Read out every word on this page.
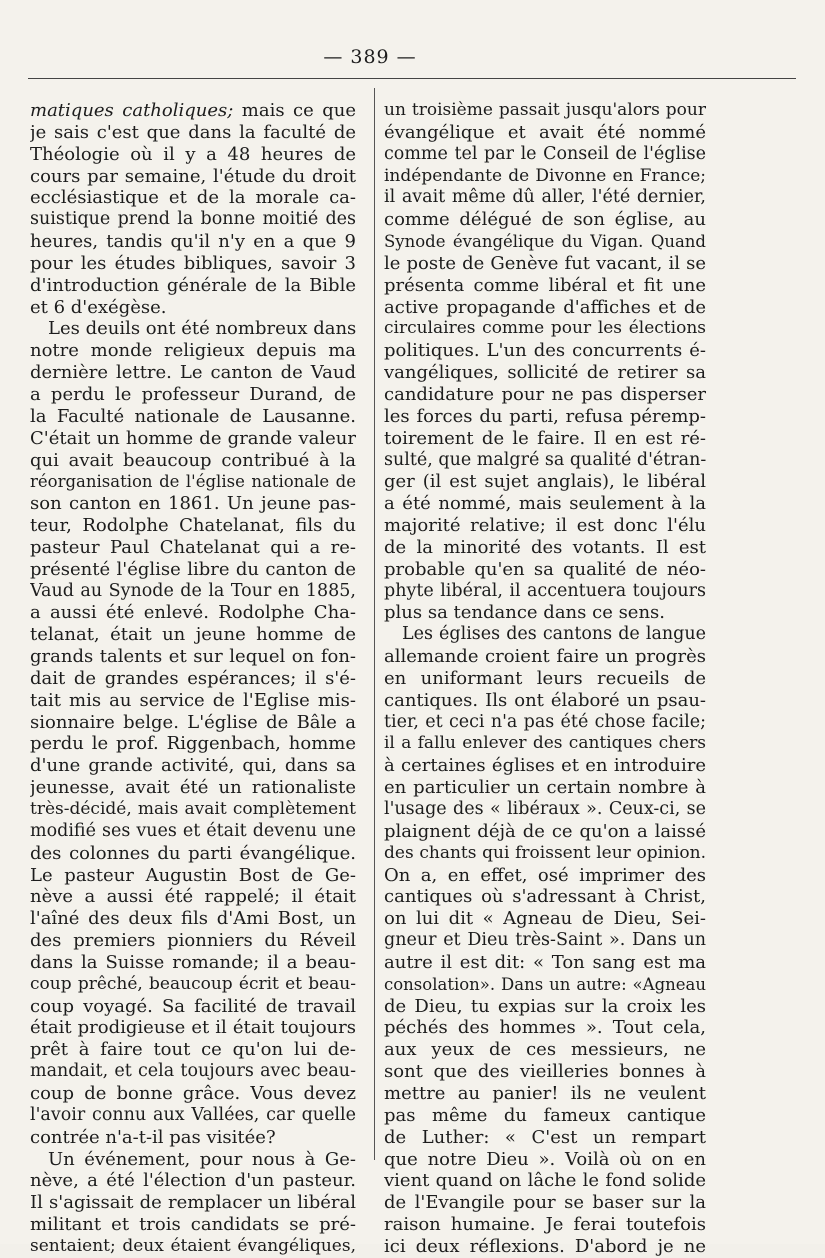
— 389 —
matiques catholiques; mais ce que
je sais c'est que dans la faculté de
Théologie où il y a 48 heures de
cours par semaine, l'étude du droit
ecclésiastique et de la morale ca-
suistique prend la bonne moitié des
heures, tandis qu'il n'y en a que 9
pour les études bibliques, savoir 3
d'introduction générale de la Bible
et 6 d'exégèse.
Les deuils ont été nombreux dans
notre monde religieux depuis ma
dernière lettre. Le canton de Vaud
a perdu le professeur Durand, de
la Faculté nationale de Lausanne.
C'était un homme de grande valeur
qui avait beaucoup contribué à la
réorganisation de l'église nationale de
son canton en 1861. Un jeune pas-
teur, Rodolphe Chatelanat, fils du
pasteur Paul Chatelanat qui a re-
présenté l'église libre du canton de
Vaud au Synode de la Tour en 1885,
a aussi été enlevé. Rodolphe Cha-
telanat, était un jeune homme de
grands talents et sur lequel on fon-
dait de grandes espérances; il s'é-
tait mis au service de l'Eglise mis-
sionnaire belge. L'église de Bâle a
perdu le prof. Riggenbach, homme
d'une grande activité, qui, dans sa
jeunesse, avait été un rationaliste
très-décidé, mais avait complètement
modifié ses vues et était devenu une
des colonnes du parti évangélique.
Le pasteur Augustin Bost de Ge-
nève a aussi été rappelé; il était
l'aîné des deux fils d'Ami Bost, un
des premiers pionniers du Réveil
dans la Suisse romande; il a beau-
coup prêché, beaucoup écrit et beau-
coup voyagé. Sa facilité de travail
était prodigieuse et il était toujours
prêt à faire tout ce qu'on lui de-
mandait, et cela toujours avec beau-
coup de bonne grâce. Vous devez
l'avoir connu aux Vallées, car quelle
contrée n'a-t-il pas visitée?
Un événement, pour nous à Ge-
nève, a été l'élection d'un pasteur.
Il s'agissait de remplacer un libéral
militant et trois candidats se pré-
sentaient; deux étaient évangéliques,
un troisième passait jusqu'alors pour
évangélique et avait été nommé
comme tel par le Conseil de l'église
indépendante de Divonne en France;
il avait même dû aller, l'été dernier,
comme délégué de son église, au
Synode évangélique du Vigan. Quand
le poste de Genève fut vacant, il se
présenta comme libéral et fit une
active propagande d'affiches et de
circulaires comme pour les élections
politiques. L'un des concurrents é-
vangéliques, sollicité de retirer sa
candidature pour ne pas disperser
les forces du parti, refusa péremp-
toirement de le faire. Il en est ré-
sulté, que malgré sa qualité d'étran-
ger (il est sujet anglais), le libéral
a été nommé, mais seulement à la
majorité relative; il est donc l'élu
de la minorité des votants. Il est
probable qu'en sa qualité de néo-
phyte libéral, il accentuera toujours
plus sa tendance dans ce sens.
Les églises des cantons de langue
allemande croient faire un progrès
en uniformant leurs recueils de
cantiques. Ils ont élaboré un psau-
tier, et ceci n'a pas été chose facile;
il a fallu enlever des cantiques chers
à certaines églises et en introduire
en particulier un certain nombre à
l'usage des « libéraux ». Ceux-ci, se
plaignent déjà de ce qu'on a laissé
des chants qui froissent leur opinion.
On a, en effet, osé imprimer des
cantiques où s'adressant à Christ,
on lui dit « Agneau de Dieu, Sei-
gneur et Dieu très-Saint ». Dans un
autre il est dit: « Ton sang est ma
consolation». Dans un autre: «Agneau
de Dieu, tu expias sur la croix les
péchés des hommes ». Tout cela,
aux yeux de ces messieurs, ne
sont que des vieilleries bonnes à
mettre au panier! ils ne veulent
pas même du fameux cantique
de Luther: « C'est un rempart
que notre Dieu ». Voilà où on en
vient quand on lâche le fond solide
de l'Evangile pour se baser sur la
raison humaine. Je ferai toutefois
ici deux réflexions. D'abord je ne
